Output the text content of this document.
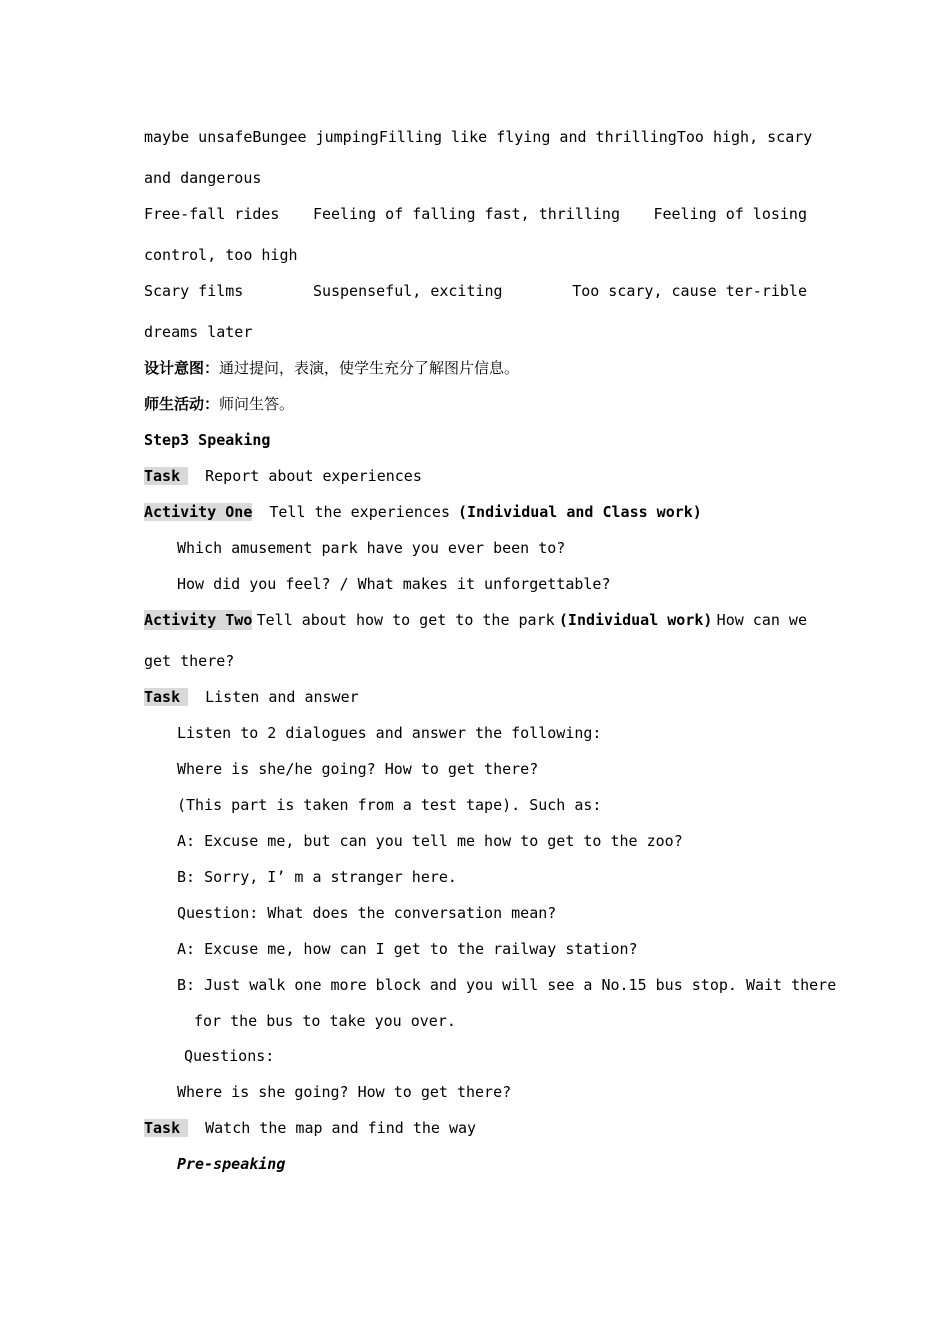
maybe unsafeBungee jumping Filling like flying and thrilling Too high, scary
and dangerous
Free-fall rides Feeling of falling fast, thrilling Feeling of losing
control, too high
Scary films	Suspenseful, exciting	Too scary, cause ter-rible
dreams later
设计意图：通过提问，表演，使学生充分了解图片信息。
师生活动：师问生答。
Step3 Speaking
Task Report about experiences
Activity One Tell the experiences (Individual and Class work)
Which amusement park have you ever been to?
How did you feel? / What makes it unforgettable?
Activity Two Tell about how to get to the park (Individual work) How can we
get there?
Task Listen and answer
Listen to 2 dialogues and answer the following:
Where is she/he going? How to get there?
(This part is taken from a test tape). Such as:
A: Excuse me, but can you tell me how to get to the zoo?
B: Sorry, I’ m a stranger here.
Question: What does the conversation mean?
A: Excuse me, how can I get to the railway station?
B: Just walk one more block and you will see a No.15 bus stop. Wait there
for the bus to take you over.
Questions:
Where is she going? How to get there?
Task Watch the map and find the way
Pre-speaking
